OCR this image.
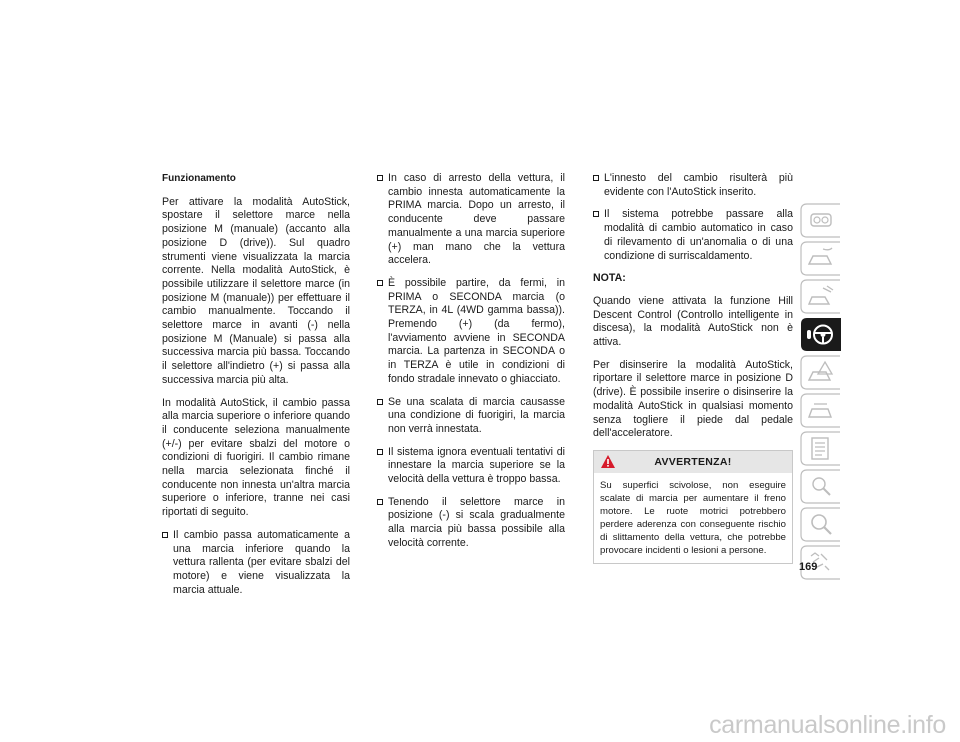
Funzionamento

Per attivare la modalità AutoStick, spostare il selettore marce nella posizione M (manuale) (accanto alla posizione D (drive)). Sul quadro strumenti viene visualizzata la marcia corrente. Nella modalità AutoStick, è possibile utilizzare il selettore marce (in posizione M (manuale)) per effettuare il cambio manualmente. Toccando il selettore marce in avanti (-) nella posizione M (Manuale) si passa alla successiva marcia più bassa. Toccando il selettore all'indietro (+) si passa alla successiva marcia più alta.

In modalità AutoStick, il cambio passa alla marcia superiore o inferiore quando il conducente seleziona manualmente (+/-) per evitare sbalzi del motore o condizioni di fuorigiri. Il cambio rimane nella marcia selezionata finché il conducente non innesta un'altra marcia superiore o inferiore, tranne nei casi riportati di seguito.

Il cambio passa automaticamente a una marcia inferiore quando la vettura rallenta (per evitare sbalzi del motore) e viene visualizzata la marcia attuale.
In caso di arresto della vettura, il cambio innesta automaticamente la PRIMA marcia. Dopo un arresto, il conducente deve passare manualmente a una marcia superiore (+) man mano che la vettura accelera.
È possibile partire, da fermi, in PRIMA o SECONDA marcia (o TERZA, in 4L (4WD gamma bassa)). Premendo (+) (da fermo), l'avviamento avviene in SECONDA marcia. La partenza in SECONDA o in TERZA è utile in condizioni di fondo stradale innevato o ghiacciato.
Se una scalata di marcia causasse una condizione di fuorigiri, la marcia non verrà innestata.
Il sistema ignora eventuali tentativi di innestare la marcia superiore se la velocità della vettura è troppo bassa.
Tenendo il selettore marce in posizione (-) si scala gradualmente alla marcia più bassa possibile alla velocità corrente.
L'innesto del cambio risulterà più evidente con l'AutoStick inserito.
Il sistema potrebbe passare alla modalità di cambio automatico in caso di rilevamento di un'anomalia o di una condizione di surriscaldamento.

NOTA:

Quando viene attivata la funzione Hill Descent Control (Controllo intelligente in discesa), la modalità AutoStick non è attiva.

Per disinserire la modalità AutoStick, riportare il selettore marce in posizione D (drive). È possibile inserire o disinserire la modalità AutoStick in qualsiasi momento senza togliere il piede dal pedale dell'acceleratore.

AVVERTENZA!
Su superfici scivolose, non eseguire scalate di marcia per aumentare il freno motore. Le ruote motrici potrebbero perdere aderenza con conseguente rischio di slittamento della vettura, che potrebbe provocare incidenti o lesioni a persone.
169
carmanualsonline.info
